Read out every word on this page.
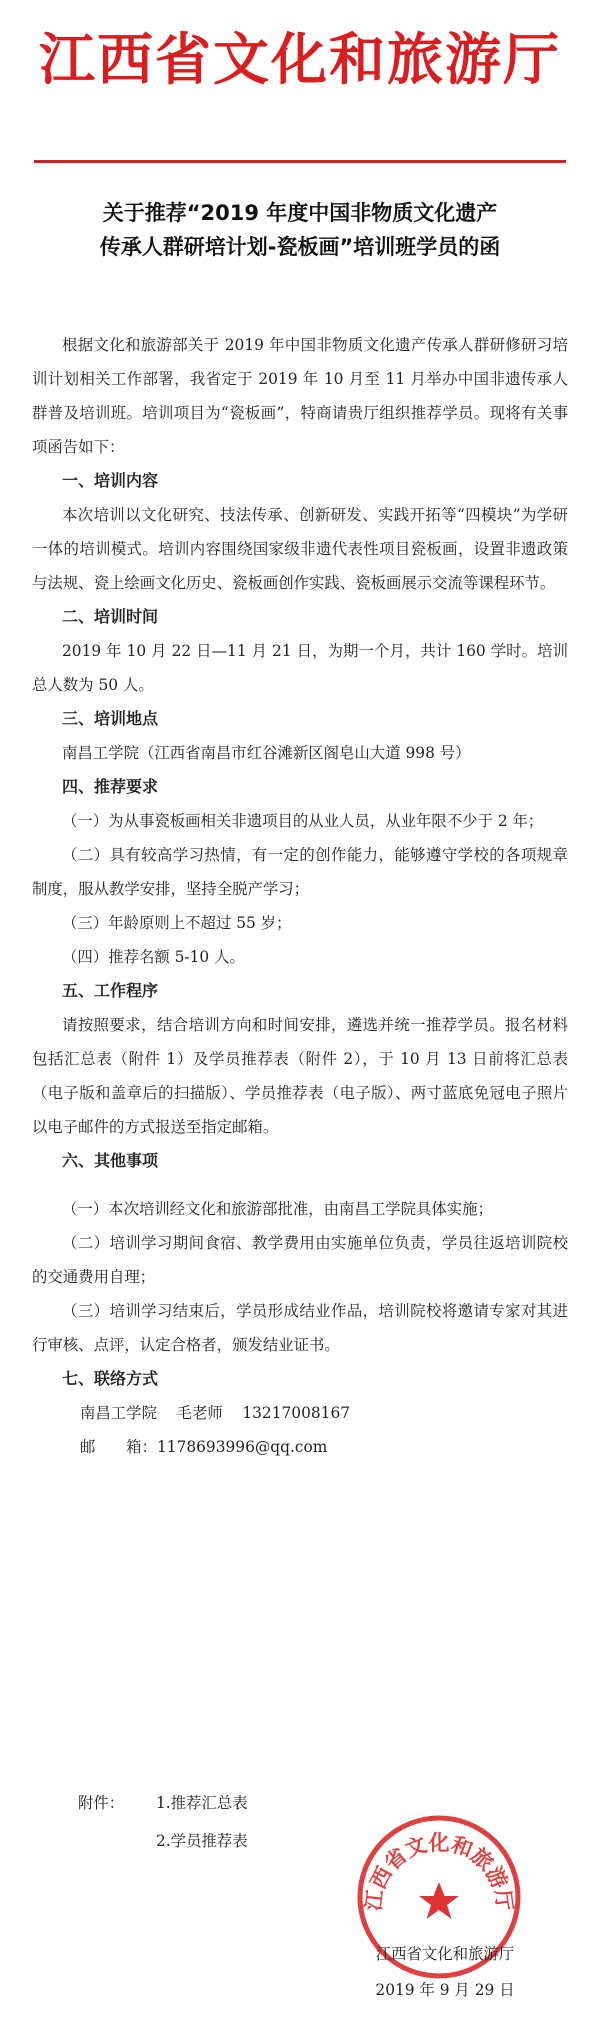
江西省文化和旅游厅
关于推荐“2019 年度中国非物质文化遗产
传承人群研培计划-瓷板画”培训班学员的函

根据文化和旅游部关于 2019 年中国非物质文化遗产传承人群研修研习培训计划相关工作部署，我省定于 2019 年 10 月至 11 月举办中国非遗传承人群普及培训班。培训项目为“瓷板画”，特商请贵厅组织推荐学员。现将有关事项函告如下：

一、培训内容

本次培训以文化研究、技法传承、创新研发、实践开拓等“四模块”为学研一体的培训模式。培训内容围绕国家级非遗代表性项目瓷板画，设置非遗政策与法规、瓷上绘画文化历史、瓷板画创作实践、瓷板画展示交流等课程环节。

二、培训时间

2019 年 10 月 22 日—11 月 21 日，为期一个月，共计 160 学时。培训总人数为 50 人。

三、培训地点

南昌工学院（江西省南昌市红谷滩新区阁皂山大道 998 号）

四、推荐要求

（一）为从事瓷板画相关非遗项目的从业人员，从业年限不少于 2 年；

（二）具有较高学习热情，有一定的创作能力，能够遵守学校的各项规章制度，服从教学安排，坚持全脱产学习；

（三）年龄原则上不超过 55 岁；

（四）推荐名额 5-10 人。

五、工作程序

请按照要求，结合培训方向和时间安排，遴选并统一推荐学员。报名材料包括汇总表（附件 1）及学员推荐表（附件 2），于 10 月 13 日前将汇总表（电子版和盖章后的扫描版）、学员推荐表（电子版）、两寸蓝底免冠电子照片以电子邮件的方式报送至指定邮箱。

六、其他事项

（一）本次培训经文化和旅游部批准，由南昌工学院具体实施；

（二）培训学习期间食宿、教学费用由实施单位负责，学员往返培训院校的交通费用自理；

（三）培训学习结束后，学员形成结业作品，培训院校将邀请专家对其进行审核、点评，认定合格者，颁发结业证书。

七、联络方式

南昌工学院 毛老师 13217008167

邮　　箱：1178693996@qq.com

附件： 1.推荐汇总表
2.学员推荐表
江西省文化和旅游厅
江西省文化和旅游厅
2019 年 9 月 29 日
